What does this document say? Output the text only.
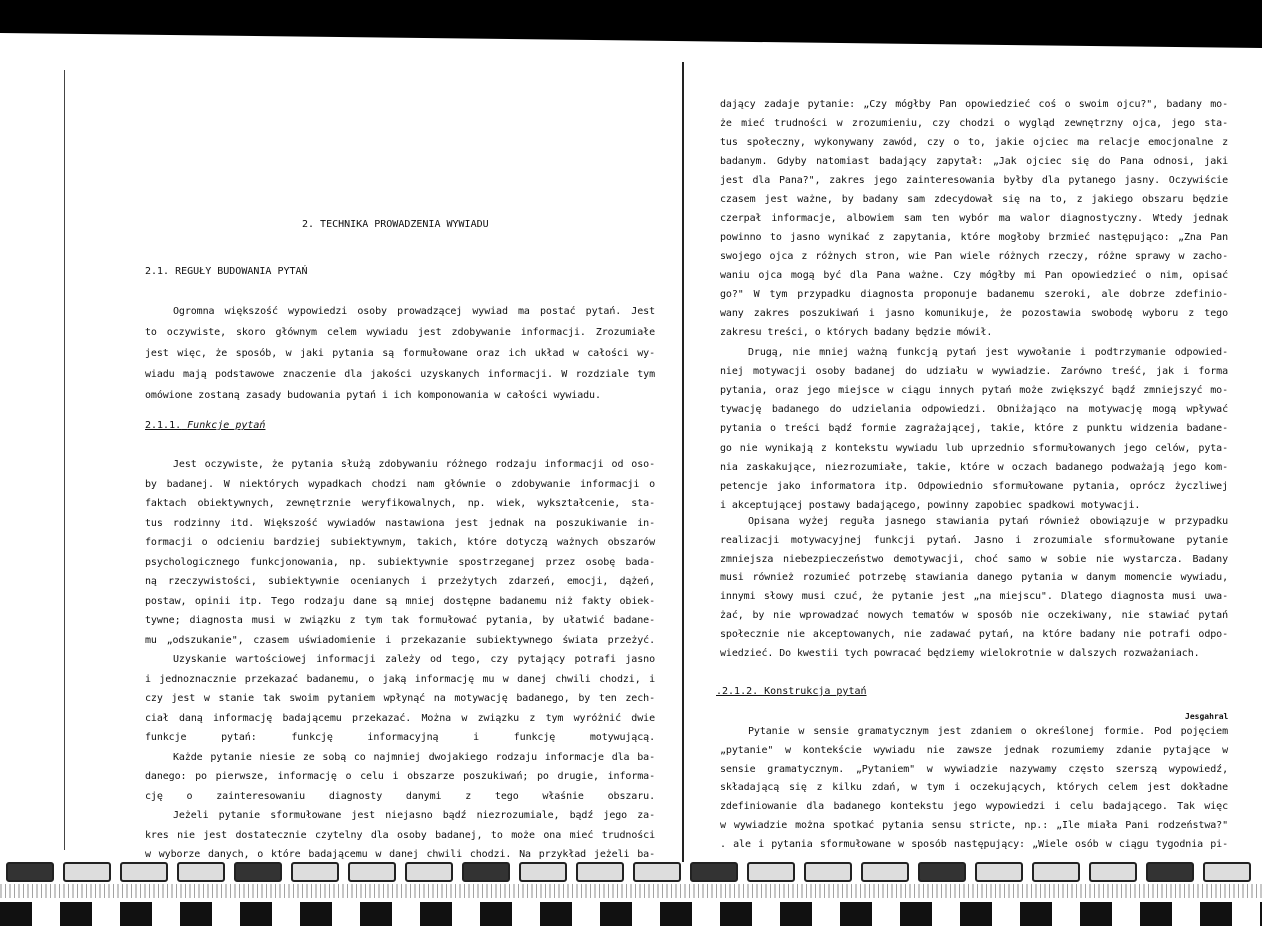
2. TECHNIKA PROWADZENIA WYWIADU
2.1. REGUŁY BUDOWANIA PYTAŃ
2.1.1. Funkcje pytań
.2.1.2. Konstrukcja pytań
Jesgahral
Ogromna większość wypowiedzi osoby prowadzącej wywiad ma postać pytań. Jest
to oczywiste, skoro głównym celem wywiadu jest zdobywanie informacji. Zrozumiałe
jest więc, że sposób, w jaki pytania są formułowane oraz ich układ w całości wy-
wiadu mają podstawowe znaczenie dla jakości uzyskanych informacji. W rozdziale tym
omówione zostaną zasady budowania pytań i ich komponowania w całości wywiadu.
Jest oczywiste, że pytania służą zdobywaniu różnego rodzaju informacji od oso-
by badanej. W niektórych wypadkach chodzi nam głównie o zdobywanie informacji o
faktach obiektywnych, zewnętrznie weryfikowalnych, np. wiek, wykształcenie, sta-
tus rodzinny itd. Większość wywiadów nastawiona jest jednak na poszukiwanie in-
formacji o odcieniu bardziej subiektywnym, takich, które dotyczą ważnych obszarów
psychologicznego funkcjonowania, np. subiektywnie spostrzeganej przez osobę bada-
ną rzeczywistości, subiektywnie ocenianych i przeżytych zdarzeń, emocji, dążeń,
postaw, opinii itp. Tego rodzaju dane są mniej dostępne badanemu niż fakty obiek-
tywne; diagnosta musi w związku z tym tak formułować pytania, by ułatwić badane-
mu „odszukanie", czasem uświadomienie i przekazanie subiektywnego świata przeżyć.
Uzyskanie wartościowej informacji zależy od tego, czy pytający potrafi jasno
i jednoznacznie przekazać badanemu, o jaką informację mu w danej chwili chodzi, i
czy jest w stanie tak swoim pytaniem wpłynąć na motywację badanego, by ten zech-
ciał daną informację badającemu przekazać. Można w związku z tym wyróżnić dwie
funkcje pytań: funkcję informacyjną i funkcję motywującą.
Każde pytanie niesie ze sobą co najmniej dwojakiego rodzaju informacje dla ba-
danego: po pierwsze, informację o celu i obszarze poszukiwań; po drugie, informa-
cję o zainteresowaniu diagnosty danymi z tego właśnie obszaru.
Jeżeli pytanie sformułowane jest niejasno bądź niezrozumiale, bądź jego za-
kres nie jest dostatecznie czytelny dla osoby badanej, to może ona mieć trudności
w wyborze danych, o które badającemu w danej chwili chodzi. Na przykład jeżeli ba-
dający zadaje pytanie: „Czy mógłby Pan opowiedzieć coś o swoim ojcu?", badany mo-
że mieć trudności w zrozumieniu, czy chodzi o wygląd zewnętrzny ojca, jego sta-
tus społeczny, wykonywany zawód, czy o to, jakie ojciec ma relacje emocjonalne z
badanym. Gdyby natomiast badający zapytał: „Jak ojciec się do Pana odnosi, jaki
jest dla Pana?", zakres jego zainteresowania byłby dla pytanego jasny. Oczywiście
czasem jest ważne, by badany sam zdecydował się na to, z jakiego obszaru będzie
czerpał informacje, albowiem sam ten wybór ma walor diagnostyczny. Wtedy jednak
powinno to jasno wynikać z zapytania, które mogłoby brzmieć następująco: „Zna Pan
swojego ojca z różnych stron, wie Pan wiele różnych rzeczy, różne sprawy w zacho-
waniu ojca mogą być dla Pana ważne. Czy mógłby mi Pan opowiedzieć o nim, opisać
go?" W tym przypadku diagnosta proponuje badanemu szeroki, ale dobrze zdefinio-
wany zakres poszukiwań i jasno komunikuje, że pozostawia swobodę wyboru z tego
zakresu treści, o których badany będzie mówił.
Drugą, nie mniej ważną funkcją pytań jest wywołanie i podtrzymanie odpowied-
niej motywacji osoby badanej do udziału w wywiadzie. Zarówno treść, jak i forma
pytania, oraz jego miejsce w ciągu innych pytań może zwiększyć bądź zmniejszyć mo-
tywację badanego do udzielania odpowiedzi. Obniżająco na motywację mogą wpływać
pytania o treści bądź formie zagrażającej, takie, które z punktu widzenia badane-
go nie wynikają z kontekstu wywiadu lub uprzednio sformułowanych jego celów, pyta-
nia zaskakujące, niezrozumiałe, takie, które w oczach badanego podważają jego kom-
petencje jako informatora itp. Odpowiednio sformułowane pytania, oprócz życzliwej
i akceptującej postawy badającego, powinny zapobiec spadkowi motywacji.
Opisana wyżej reguła jasnego stawiania pytań również obowiązuje w przypadku
realizacji motywacyjnej funkcji pytań. Jasno i zrozumiale sformułowane pytanie
zmniejsza niebezpieczeństwo demotywacji, choć samo w sobie nie wystarcza. Badany
musi również rozumieć potrzebę stawiania danego pytania w danym momencie wywiadu,
innymi słowy musi czuć, że pytanie jest „na miejscu". Dlatego diagnosta musi uwa-
żać, by nie wprowadzać nowych tematów w sposób nie oczekiwany, nie stawiać pytań
społecznie nie akceptowanych, nie zadawać pytań, na które badany nie potrafi odpo-
wiedzieć. Do kwestii tych powracać będziemy wielokrotnie w dalszych rozważaniach.
Pytanie w sensie gramatycznym jest zdaniem o określonej formie. Pod pojęciem
„pytanie" w kontekście wywiadu nie zawsze jednak rozumiemy zdanie pytające w
sensie gramatycznym. „Pytaniem" w wywiadzie nazywamy często szerszą wypowiedź,
składającą się z kilku zdań, w tym i oczekujących, których celem jest dokładne
zdefiniowanie dla badanego kontekstu jego wypowiedzi i celu badającego. Tak więc
w wywiadzie można spotkać pytania sensu stricte, np.: „Ile miała Pani rodzeństwa?"
. ale i pytania sformułowane w sposób następujący: „Wiele osób w ciągu tygodnia pi-
